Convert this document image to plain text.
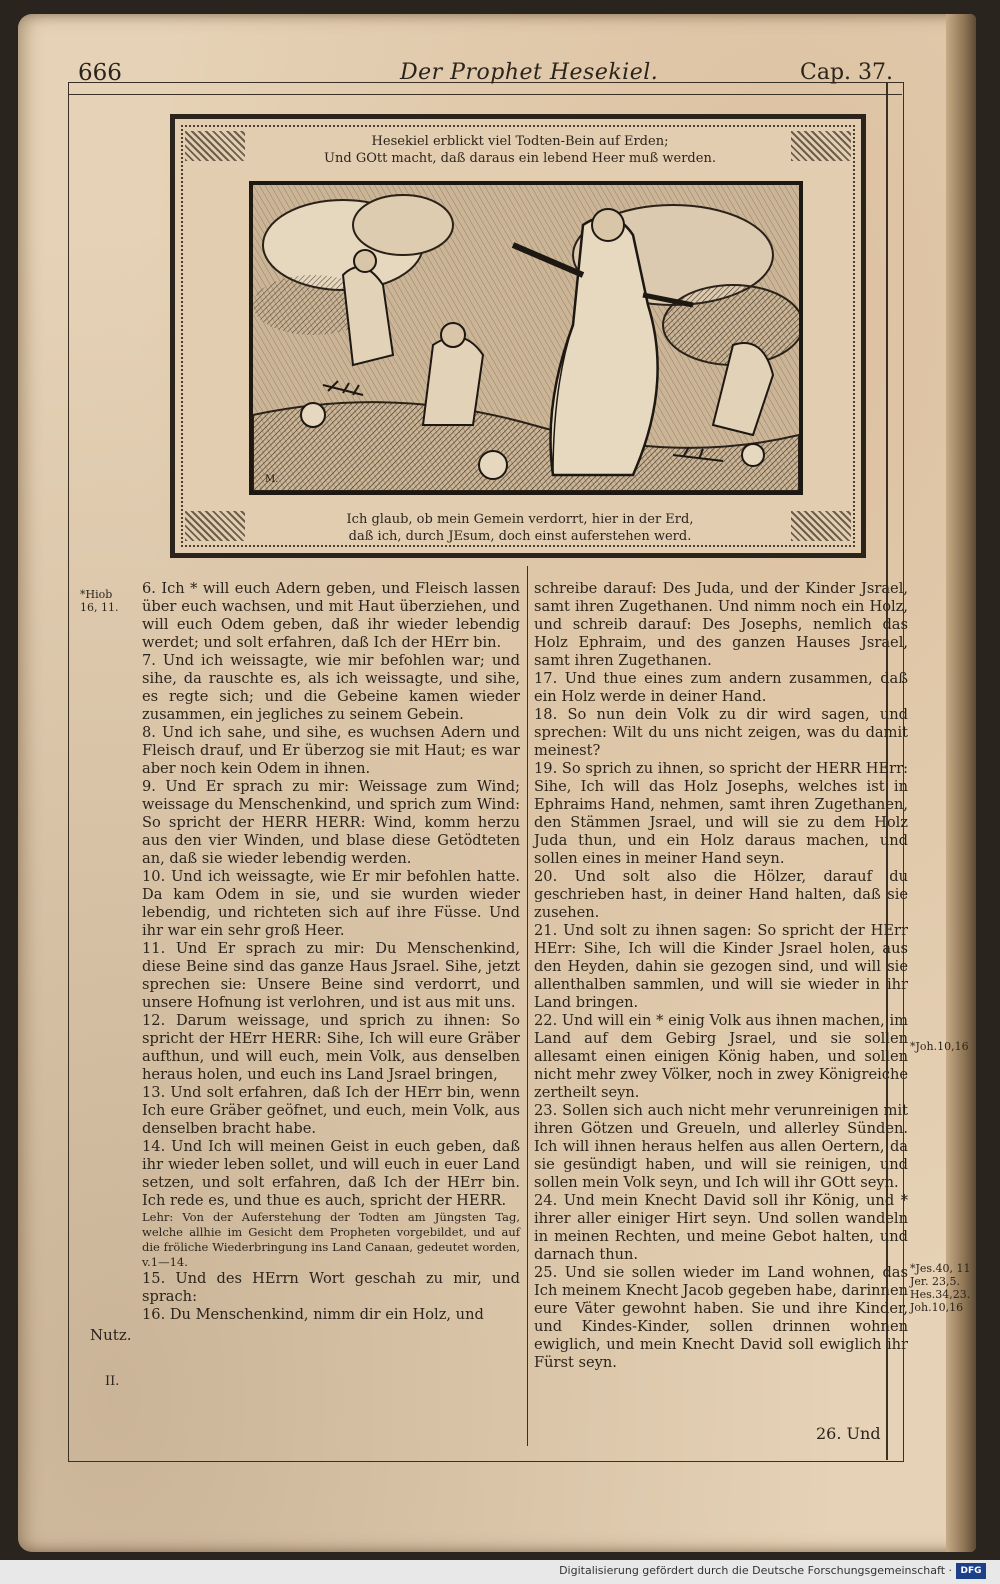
666	Der Prophet Hesekiel.	Cap. 37.
Hesekiel erblickt viel Todten-Bein auf Erden;
Und GOtt macht, daß daraus ein lebend Heer muß werden.
M.
Ich glaub, ob mein Gemein verdorrt, hier in der Erd,
daß ich, durch JEsum, doch einst auferstehen werd.
*Hiob 16, 11.
*Joh.10,16
*Jes.40, 11 Jer. 23,5. Hes.34,23. Joh.10,16

6. Ich * will euch Adern geben, und Fleisch lassen über euch wachsen, und mit Haut überziehen, und will euch Odem geben, daß ihr wieder lebendig werdet; und solt erfahren, daß Ich der HErr bin.

7. Und ich weissagte, wie mir befohlen war; und sihe, da rauschte es, als ich weissagte, und sihe, es regte sich; und die Gebeine kamen wieder zusammen, ein jegliches zu seinem Gebein.

8. Und ich sahe, und sihe, es wuchsen Adern und Fleisch drauf, und Er überzog sie mit Haut; es war aber noch kein Odem in ihnen.

9. Und Er sprach zu mir: Weissage zum Wind; weissage du Menschenkind, und sprich zum Wind: So spricht der HERR HERR: Wind, komm herzu aus den vier Winden, und blase diese Getödteten an, daß sie wieder lebendig werden.

10. Und ich weissagte, wie Er mir befohlen hatte. Da kam Odem in sie, und sie wurden wieder lebendig, und richteten sich auf ihre Füsse. Und ihr war ein sehr groß Heer.

11. Und Er sprach zu mir: Du Menschenkind, diese Beine sind das ganze Haus Jsrael. Sihe, jetzt sprechen sie: Unsere Beine sind verdorrt, und unsere Hofnung ist verlohren, und ist aus mit uns.

12. Darum weissage, und sprich zu ihnen: So spricht der HErr HERR: Sihe, Ich will eure Gräber aufthun, und will euch, mein Volk, aus denselben heraus holen, und euch ins Land Jsrael bringen,

13. Und solt erfahren, daß Ich der HErr bin, wenn Ich eure Gräber geöfnet, und euch, mein Volk, aus denselben bracht habe.

14. Und Ich will meinen Geist in euch geben, daß ihr wieder leben sollet, und will euch in euer Land setzen, und solt erfahren, daß Ich der HErr bin. Ich rede es, und thue es auch, spricht der HERR.

Lehr: Von der Auferstehung der Todten am Jüngsten Tag, welche allhie im Gesicht dem Propheten vorgebildet, und auf die fröliche Wiederbringung ins Land Canaan, gedeutet worden, v.1—14.

15. Und des HErrn Wort geschah zu mir, und sprach:

16. Du Menschenkind, nimm dir ein Holz, und

schreibe darauf: Des Juda, und der Kinder Jsrael, samt ihren Zugethanen. Und nimm noch ein Holz, und schreib darauf: Des Josephs, nemlich das Holz Ephraim, und des ganzen Hauses Jsrael, samt ihren Zugethanen.

17. Und thue eines zum andern zusammen, daß ein Holz werde in deiner Hand.

18. So nun dein Volk zu dir wird sagen, und sprechen: Wilt du uns nicht zeigen, was du damit meinest?

19. So sprich zu ihnen, so spricht der HERR HErr: Sihe, Ich will das Holz Josephs, welches ist in Ephraims Hand, nehmen, samt ihren Zugethanen, den Stämmen Jsrael, und will sie zu dem Holz Juda thun, und ein Holz daraus machen, und sollen eines in meiner Hand seyn.

20. Und solt also die Hölzer, darauf du geschrieben hast, in deiner Hand halten, daß sie zusehen.

21. Und solt zu ihnen sagen: So spricht der HErr HErr: Sihe, Ich will die Kinder Jsrael holen, aus den Heyden, dahin sie gezogen sind, und will sie allenthalben sammlen, und will sie wieder in ihr Land bringen.

22. Und will ein * einig Volk aus ihnen machen, im Land auf dem Gebirg Jsrael, und sie sollen allesamt einen einigen König haben, und sollen nicht mehr zwey Völker, noch in zwey Königreiche zertheilt seyn.

23. Sollen sich auch nicht mehr verunreinigen mit ihren Götzen und Greueln, und allerley Sünden. Ich will ihnen heraus helfen aus allen Oertern, da sie gesündigt haben, und will sie reinigen, und sollen mein Volk seyn, und Ich will ihr GOtt seyn.

24. Und mein Knecht David soll ihr König, und * ihrer aller einiger Hirt seyn. Und sollen wandeln in meinen Rechten, und meine Gebot halten, und darnach thun.

25. Und sie sollen wieder im Land wohnen, das Ich meinem Knecht Jacob gegeben habe, darinnen eure Väter gewohnt haben. Sie und ihre Kinder, und Kindes-Kinder, sollen drinnen wohnen ewiglich, und mein Knecht David soll ewiglich ihr Fürst seyn.

Nutz.
II.
26. Und
Digitalisierung gefördert durch die Deutsche Forschungsgemeinschaft · DFG
